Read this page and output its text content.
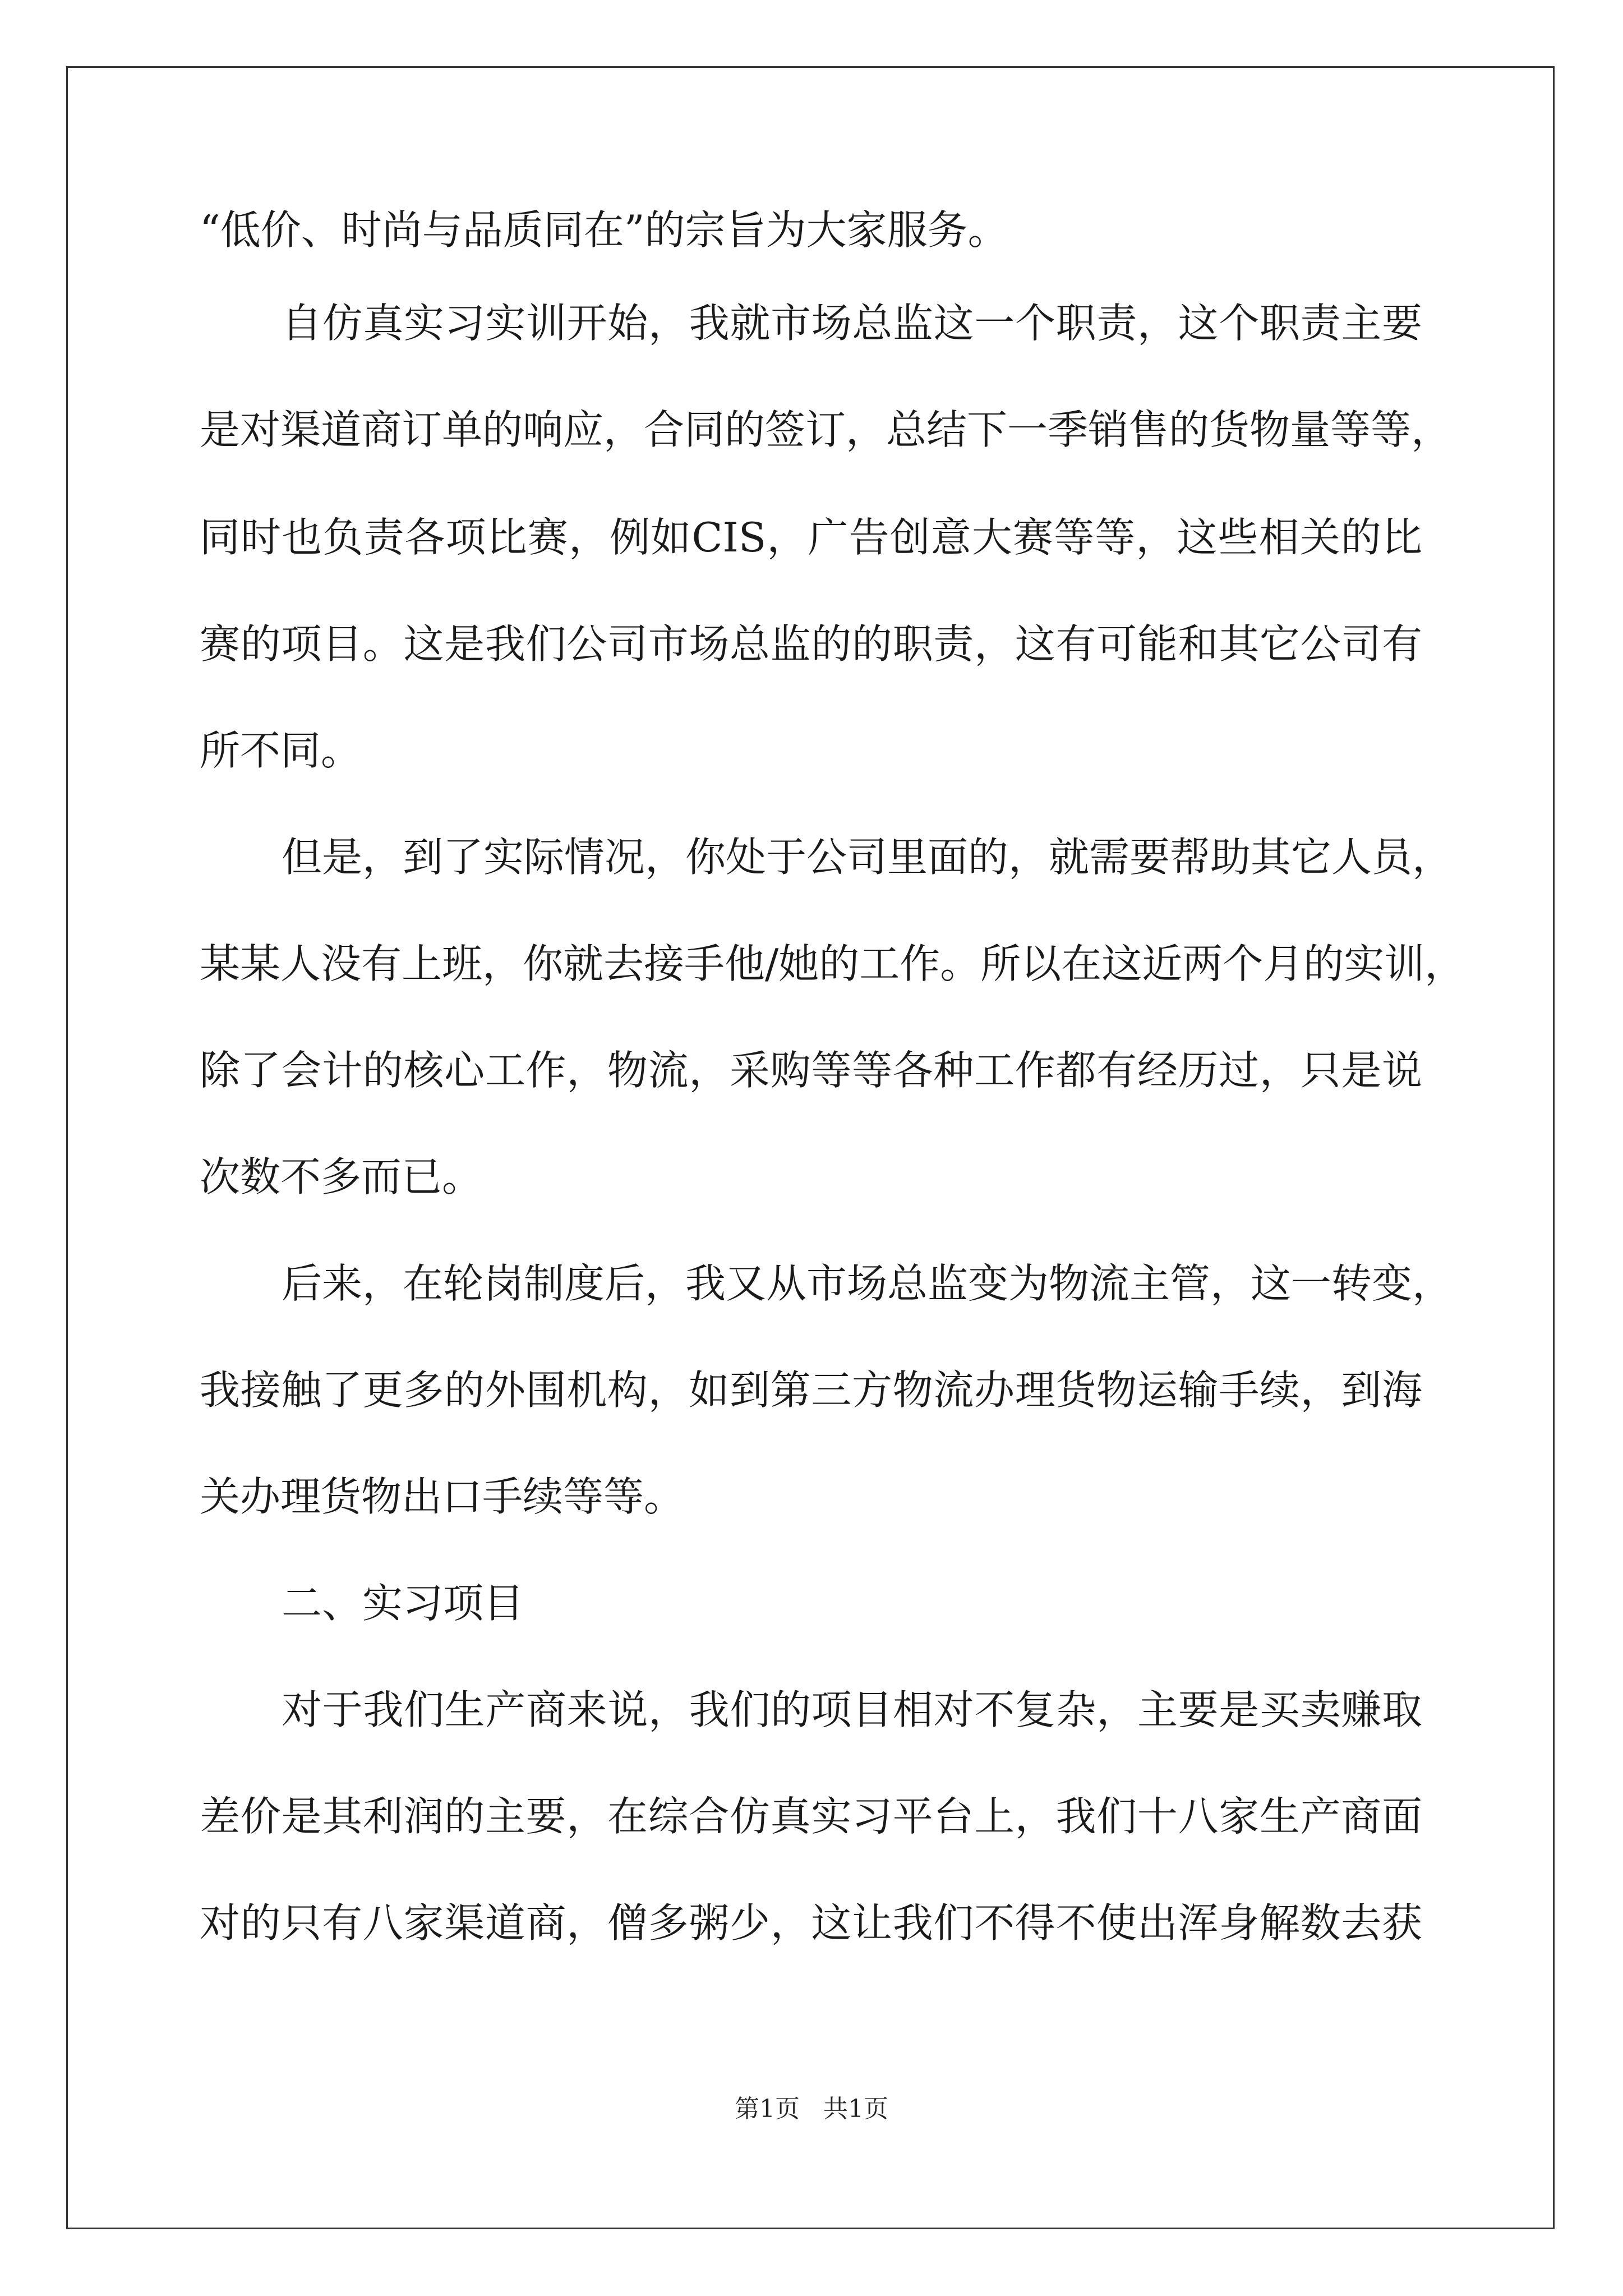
“低价、时尚与品质同在”的宗旨为大家服务。
自仿真实习实训开始，我就市场总监这一个职责，这个职责主要
是对渠道商订单的响应，合同的签订，总结下一季销售的货物量等等，
同时也负责各项比赛，例如CIS，广告创意大赛等等，这些相关的比
赛的项目。这是我们公司市场总监的的职责，这有可能和其它公司有
所不同。
但是，到了实际情况，你处于公司里面的，就需要帮助其它人员，
某某人没有上班，你就去接手他/她的工作。所以在这近两个月的实训，
除了会计的核心工作，物流，采购等等各种工作都有经历过，只是说
次数不多而已。
后来，在轮岗制度后，我又从市场总监变为物流主管，这一转变，
我接触了更多的外围机构，如到第三方物流办理货物运输手续，到海
关办理货物出口手续等等。
二、实习项目
对于我们生产商来说，我们的项目相对不复杂，主要是买卖赚取
差价是其利润的主要，在综合仿真实习平台上，我们十八家生产商面
对的只有八家渠道商，僧多粥少，这让我们不得不使出浑身解数去获
第1页 共1页
